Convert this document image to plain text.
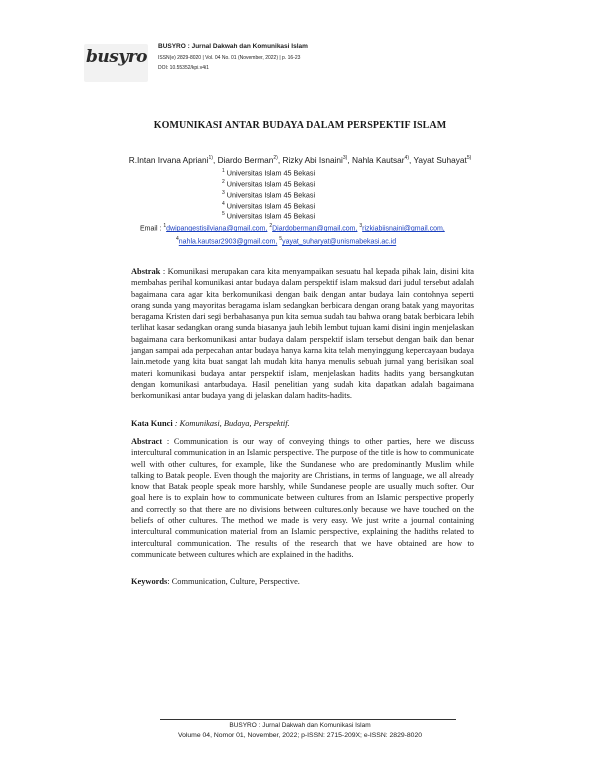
busyro
BUSYRO : Jurnal Dakwah dan Komunikasi Islam
ISSN(e) 2829-8020 | Vol. 04 No. 01 (November, 2022) | p. 16-23
DOI: 10.55352/kpi.v4i1
KOMUNIKASI ANTAR BUDAYA DALAM PERSPEKTIF ISLAM
R.Intan Irvana Apriani$^{1)}$, Diardo Berman$^{2)}$, Rizky Abi Isnaini$^{3)}$, Nahla Kautsar$^{4)}$, Yayat Suhayat$^{5)}$
$^1$ Universitas Islam 45 Bekasi
$^2$ Universitas Islam 45 Bekasi
$^3$ Universitas Islam 45 Bekasi
$^4$ Universitas Islam 45 Bekasi
$^5$ Universitas Islam 45 Bekasi
Email : $^1$dwipangestisilviana@gmail.com, $^2$Diardoberman@gmail.com, $^3$rizkiabiisnaini@gmail.com,
$^4$nahla.kautsar2903@gmail.com, $^5$yayat_suharyat@unismabekasi.ac.id

Abstrak : Komunikasi merupakan cara kita menyampaikan sesuatu hal kepada pihak lain, disini kita membahas perihal komunikasi antar budaya dalam perspektif islam maksud dari judul tersebut adalah bagaimana cara agar kita berkomunikasi dengan baik dengan antar budaya lain contohnya seperti orang sunda yang mayoritas beragama islam sedangkan berbicara dengan orang batak yang mayoritas beragama Kristen dari segi berbahasanya pun kita semua sudah tau bahwa orang batak berbicara lebih terlihat kasar sedangkan orang sunda biasanya jauh lebih lembut tujuan kami disini ingin menjelaskan bagaimana cara berkomunikasi antar budaya dalam perspektif islam tersebut dengan baik dan benar jangan sampai ada perpecahan antar budaya hanya karna kita telah menyinggung kepercayaan budaya lain.metode yang kita buat sangat lah mudah kita hanya menulis sebuah jurnal yang berisikan soal materi komunikasi budaya antar perspektif islam, menjelaskan hadits hadits yang bersangkutan dengan komunikasi antarbudaya. Hasil penelitian yang sudah kita dapatkan adalah bagaimana berkomunikasi antar budaya yang di jelaskan dalam hadits-hadits.

Kata Kunci : Komunikasi, Budaya, Perspektif.

Abstract : Communication is our way of conveying things to other parties, here we discuss intercultural communication in an Islamic perspective. The purpose of the title is how to communicate well with other cultures, for example, like the Sundanese who are predominantly Muslim while talking to Batak people. Even though the majority are Christians, in terms of language, we all already know that Batak people speak more harshly, while Sundanese people are usually much softer. Our goal here is to explain how to communicate between cultures from an Islamic perspective properly and correctly so that there are no divisions between cultures.only because we have touched on the beliefs of other cultures. The method we made is very easy. We just write a journal containing intercultural communication material from an Islamic perspective, explaining the hadiths related to intercultural communication. The results of the research that we have obtained are how to communicate between cultures which are explained in the hadiths.

Keywords: Communication, Culture, Perspective.

BUSYRO : Jurnal Dakwah dan Komunikasi Islam
Volume 04, Nomor 01, November, 2022; p-ISSN: 2715-209X; e-ISSN: 2829-8020
